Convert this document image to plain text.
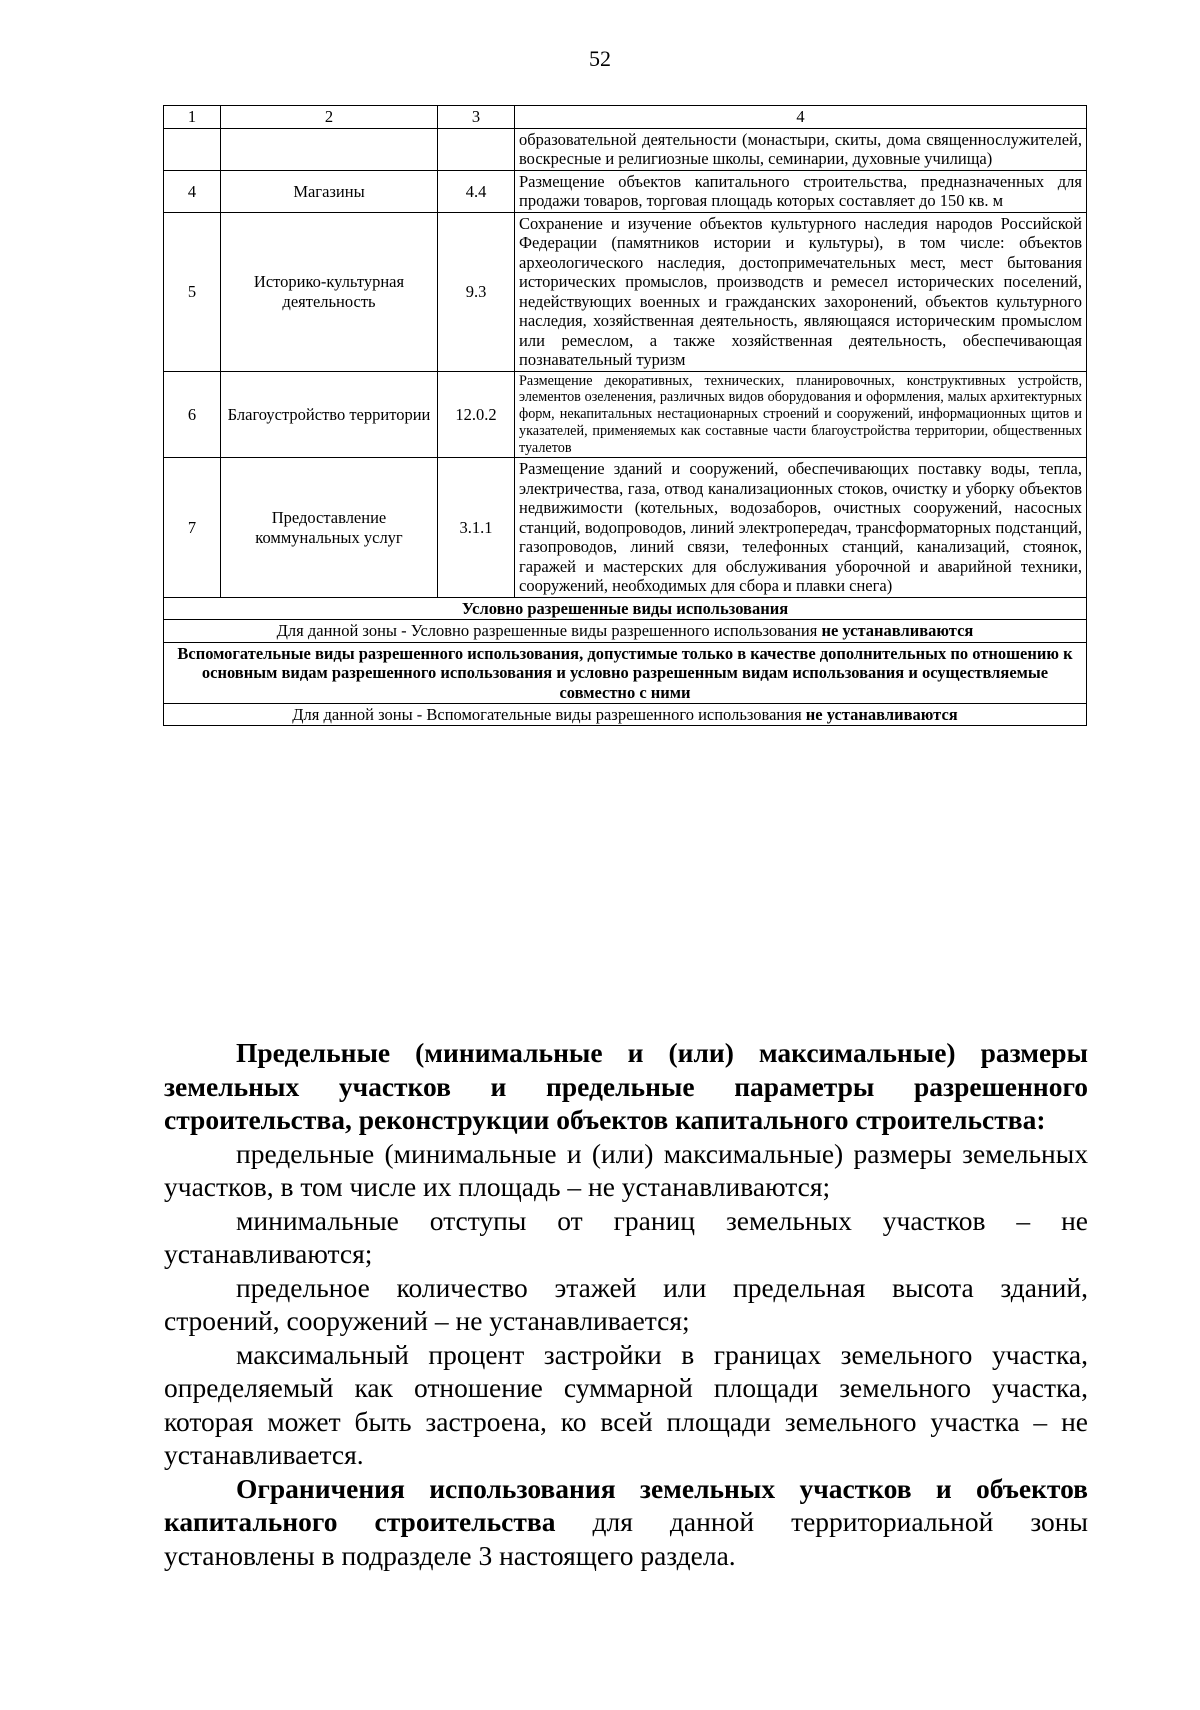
52
1	2	3	4
			образовательной деятельности (монастыри, скиты, дома священнослужителей, воскресные и религиозные школы, семинарии, духовные училища)
4	Магазины	4.4	Размещение объектов капитального строительства, предназначенных для продажи товаров, торговая площадь которых составляет до 150 кв. м
5	Историко-культурная деятельность	9.3	Сохранение и изучение объектов культурного наследия народов Российской Федерации (памятников истории и культуры), в том числе: объектов археологического наследия, достопримечательных мест, мест бытования исторических промыслов, производств и ремесел исторических поселений, недействующих военных и гражданских захоронений, объектов культурного наследия, хозяйственная деятельность, являющаяся историческим промыслом или ремеслом, а также хозяйственная деятельность, обеспечивающая познавательный туризм
6	Благоустройство территории	12.0.2	Размещение декоративных, технических, планировочных, конструктивных устройств, элементов озеленения, различных видов оборудования и оформления, малых архитектурных форм, некапитальных нестационарных строений и сооружений, информационных щитов и указателей, применяемых как составные части благоустройства территории, общественных туалетов
7	Предоставление коммунальных услуг	3.1.1	Размещение зданий и сооружений, обеспечивающих поставку воды, тепла, электричества, газа, отвод канализационных стоков, очистку и уборку объектов недвижимости (котельных, водозаборов, очистных сооружений, насосных станций, водопроводов, линий электропередач, трансформаторных подстанций, газопроводов, линий связи, телефонных станций, канализаций, стоянок, гаражей и мастерских для обслуживания уборочной и аварийной техники, сооружений, необходимых для сбора и плавки снега)
Условно разрешенные виды использования			
Для данной зоны - Условно разрешенные виды разрешенного использования не устанавливаются			
Вспомогательные виды разрешенного использования, допустимые только в качестве дополнительных по отношению к основным видам разрешенного использования и условно разрешенным видам использования и осуществляемые совместно с ними			
Для данной зоны - Вспомогательные виды разрешенного использования не устанавливаются			

Предельные (минимальные и (или) максимальные) размеры земельных участков и предельные параметры разрешенного строительства, реконструкции объектов капитального строительства:

предельные (минимальные и (или) максимальные) размеры земельных участков, в том числе их площадь – не устанавливаются;

минимальные отступы от границ земельных участков – не устанавливаются;

предельное количество этажей или предельная высота зданий, строений, сооружений – не устанавливается;

максимальный процент застройки в границах земельного участка, определяемый как отношение суммарной площади земельного участка, которая может быть застроена, ко всей площади земельного участка – не устанавливается.

Ограничения использования земельных участков и объектов капитального строительства для данной территориальной зоны установлены в подразделе 3 настоящего раздела.
